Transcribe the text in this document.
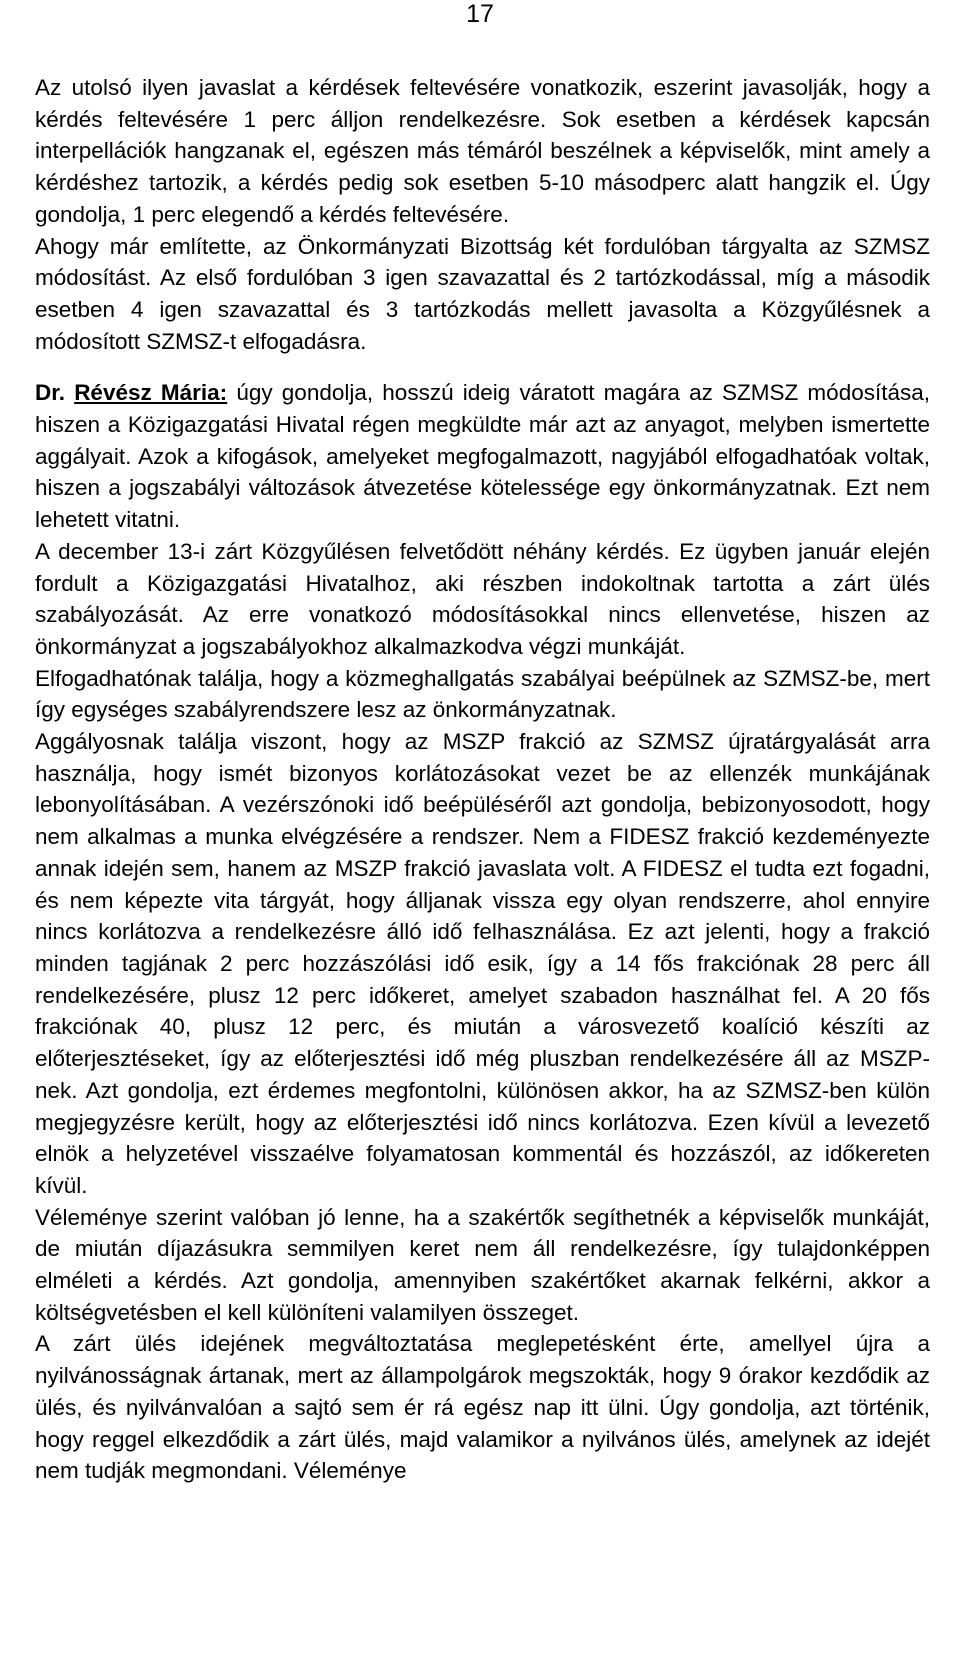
17

Az utolsó ilyen javaslat a kérdések feltevésére vonatkozik, eszerint javasolják, hogy a kérdés feltevésére 1 perc álljon rendelkezésre. Sok esetben a kérdések kapcsán interpellációk hangzanak el, egészen más témáról beszélnek a képviselők, mint amely a kérdéshez tartozik, a kérdés pedig sok esetben 5-10 másodperc alatt hangzik el. Úgy gondolja, 1 perc elegendő a kérdés feltevésére.

Ahogy már említette, az Önkormányzati Bizottság két fordulóban tárgyalta az SZMSZ módosítást. Az első fordulóban 3 igen szavazattal és 2 tartózkodással, míg a második esetben 4 igen szavazattal és 3 tartózkodás mellett javasolta a Közgyűlésnek a módosított SZMSZ-t elfogadásra.

Dr. Révész Mária: úgy gondolja, hosszú ideig váratott magára az SZMSZ módosítása, hiszen a Közigazgatási Hivatal régen megküldte már azt az anyagot, melyben ismertette aggályait. Azok a kifogások, amelyeket megfogalmazott, nagyjából elfogadhatóak voltak, hiszen a jogszabályi változások átvezetése kötelessége egy önkormányzatnak. Ezt nem lehetett vitatni.

A december 13-i zárt Közgyűlésen felvetődött néhány kérdés. Ez ügyben január elején fordult a Közigazgatási Hivatalhoz, aki részben indokoltnak tartotta a zárt ülés szabályozását. Az erre vonatkozó módosításokkal nincs ellenvetése, hiszen az önkormányzat a jogszabályokhoz alkalmazkodva végzi munkáját.

Elfogadhatónak találja, hogy a közmeghallgatás szabályai beépülnek az SZMSZ-be, mert így egységes szabályrendszere lesz az önkormányzatnak.

Aggályosnak találja viszont, hogy az MSZP frakció az SZMSZ újratárgyalását arra használja, hogy ismét bizonyos korlátozásokat vezet be az ellenzék munkájának lebonyolításában. A vezérszónoki idő beépüléséről azt gondolja, bebizonyosodott, hogy nem alkalmas a munka elvégzésére a rendszer. Nem a FIDESZ frakció kezdeményezte annak idején sem, hanem az MSZP frakció javaslata volt. A FIDESZ el tudta ezt fogadni, és nem képezte vita tárgyát, hogy álljanak vissza egy olyan rendszerre, ahol ennyire nincs korlátozva a rendelkezésre álló idő felhasználása. Ez azt jelenti, hogy a frakció minden tagjának 2 perc hozzászólási idő esik, így a 14 fős frakciónak 28 perc áll rendelkezésére, plusz 12 perc időkeret, amelyet szabadon használhat fel. A 20 fős frakciónak 40, plusz 12 perc, és miután a városvezető koalíció készíti az előterjesztéseket, így az előterjesztési idő még pluszban rendelkezésére áll az MSZP-nek. Azt gondolja, ezt érdemes megfontolni, különösen akkor, ha az SZMSZ-ben külön megjegyzésre került, hogy az előterjesztési idő nincs korlátozva. Ezen kívül a levezető elnök a helyzetével visszaélve folyamatosan kommentál és hozzászól, az időkereten kívül.

Véleménye szerint valóban jó lenne, ha a szakértők segíthetnék a képviselők munkáját, de miután díjazásukra semmilyen keret nem áll rendelkezésre, így tulajdonképpen elméleti a kérdés. Azt gondolja, amennyiben szakértőket akarnak felkérni, akkor a költségvetésben el kell különíteni valamilyen összeget.

A zárt ülés idejének megváltoztatása meglepetésként érte, amellyel újra a nyilvánosságnak ártanak, mert az állampolgárok megszokták, hogy 9 órakor kezdődik az ülés, és nyilvánvalóan a sajtó sem ér rá egész nap itt ülni. Úgy gondolja, azt történik, hogy reggel elkezdődik a zárt ülés, majd valamikor a nyilvános ülés, amelynek az idejét nem tudják megmondani. Véleménye
